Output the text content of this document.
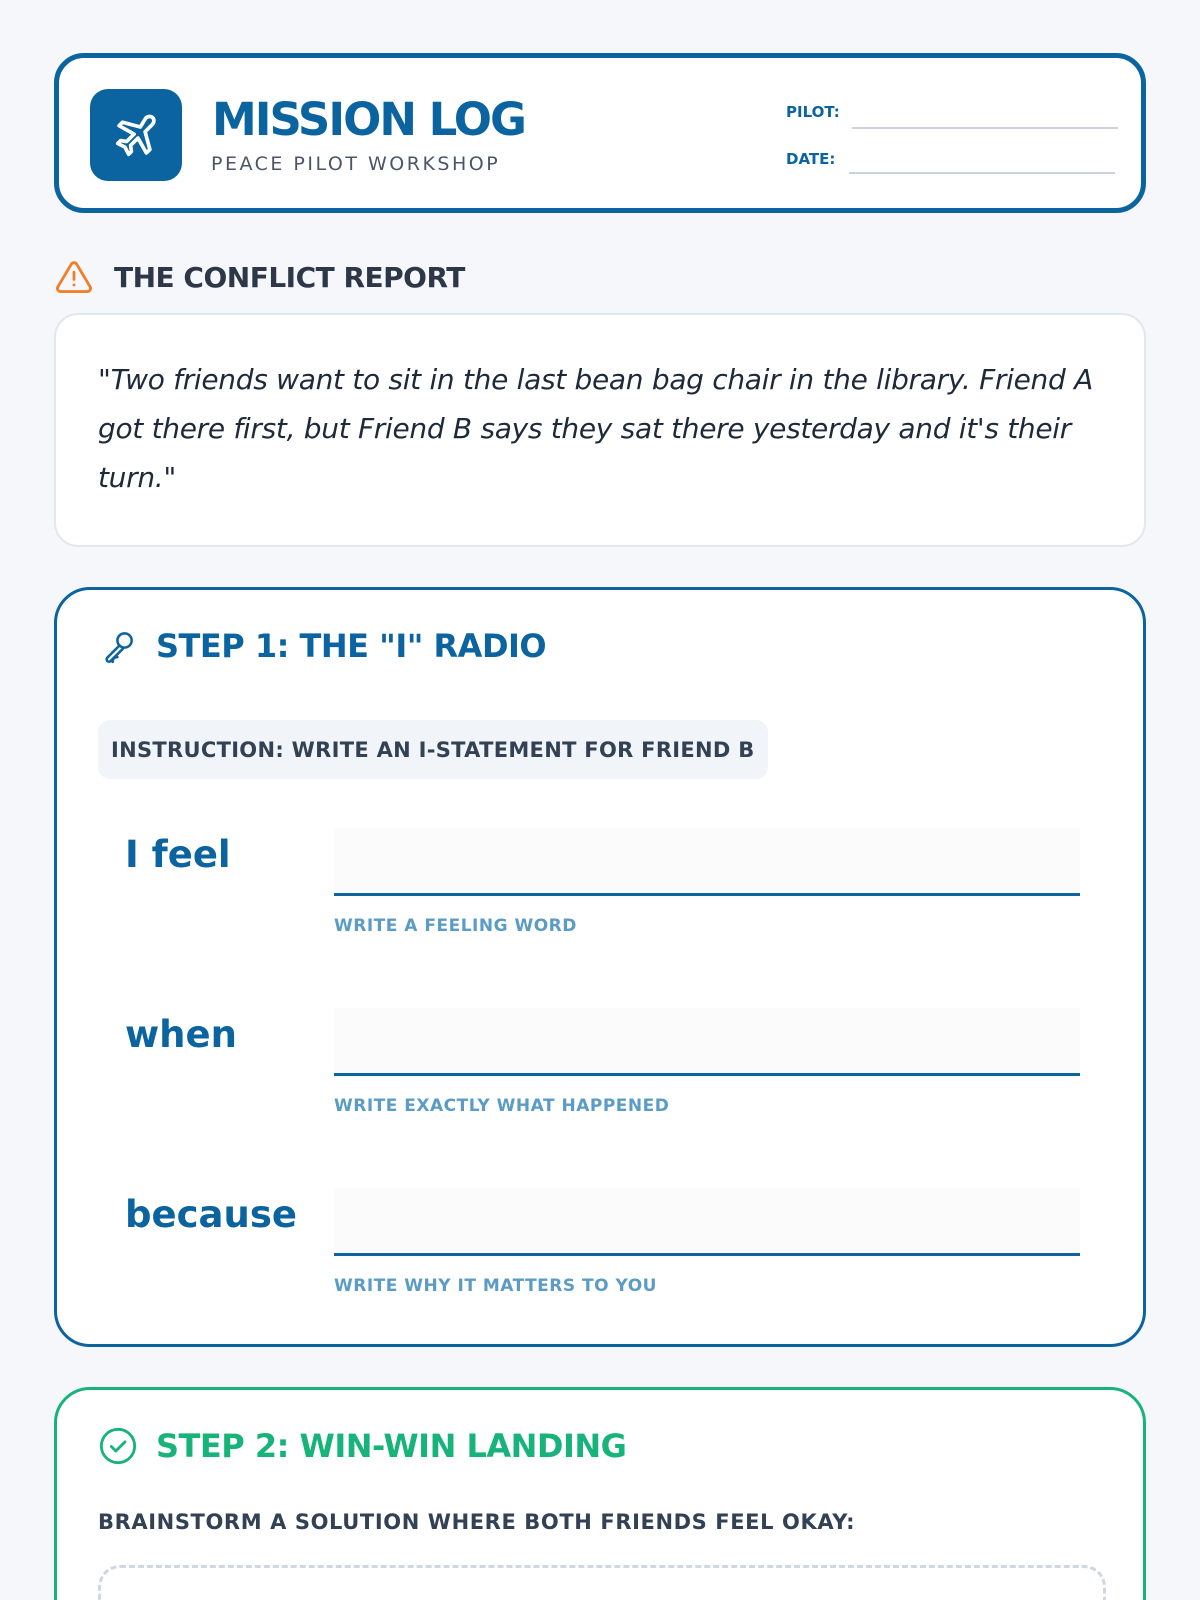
MISSION LOG
PEACE PILOT WORKSHOP
PILOT:
DATE:
THE CONFLICT REPORT

"Two friends want to sit in the last bean bag chair in the library. Friend A got there first, but Friend B says they sat there yesterday and it's their turn."

STEP 1: THE "I" RADIO
INSTRUCTION: WRITE AN I-STATEMENT FOR FRIEND B
I feel
WRITE A FEELING WORD
when
WRITE EXACTLY WHAT HAPPENED
because
WRITE WHY IT MATTERS TO YOU
STEP 2: WIN-WIN LANDING
BRAINSTORM A SOLUTION WHERE BOTH FRIENDS FEEL OKAY:
